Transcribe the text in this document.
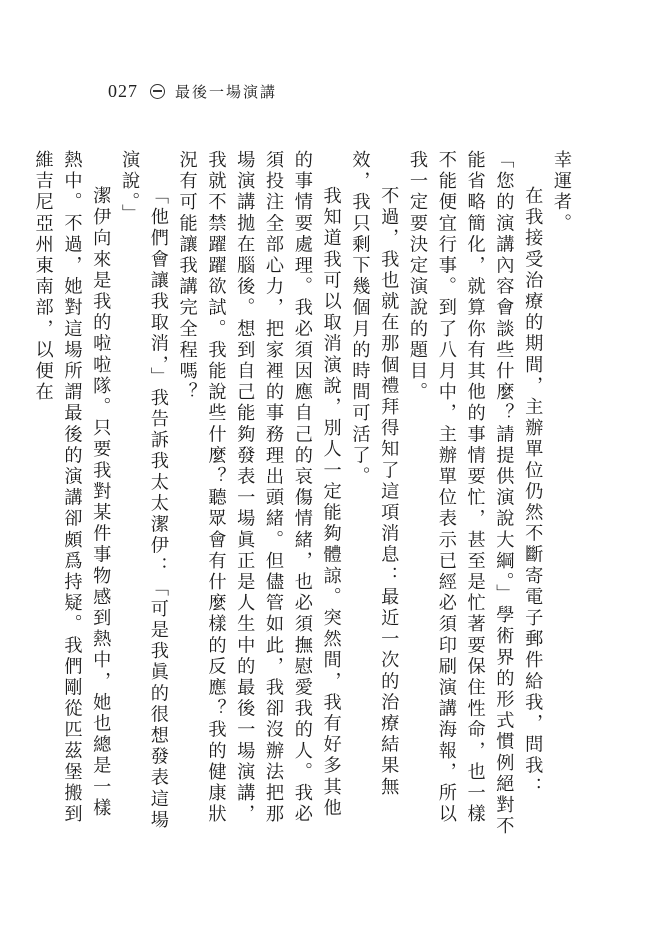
027 最後一場演講

幸運者。

在我接受治療的期間，主辦單位仍然不斷寄電子郵件給我，問我：「您的演講內容會談些什麼？請提供演說大綱。」學術界的形式慣例絕對不能省略簡化，就算你有其他的事情要忙，甚至是忙著要保住性命，也一樣不能便宜行事。到了八月中，主辦單位表示已經必須印刷演講海報，所以我一定要決定演說的題目。

不過，我也就在那個禮拜得知了這項消息：最近一次的治療結果無效，我只剩下幾個月的時間可活了。

我知道我可以取消演說，別人一定能夠體諒。突然間，我有好多其他的事情要處理。我必須因應自己的哀傷情緒，也必須撫慰愛我的人。我必須投注全部心力，把家裡的事務理出頭緒。但儘管如此，我卻沒辦法把那場演講拋在腦後。想到自己能夠發表一場眞正是人生中的最後一場演講，我就不禁躍躍欲試。我能說些什麼？聽眾會有什麼樣的反應？我的健康狀況有可能讓我講完全程嗎？

「他們會讓我取消，」我告訴我太太潔伊：「可是我眞的很想發表這場演說。」

潔伊向來是我的啦啦隊。只要我對某件事物感到熱中，她也總是一樣熱中。不過，她對這場所謂最後的演講卻頗爲持疑。我們剛從匹茲堡搬到維吉尼亞州東南部，以便在
